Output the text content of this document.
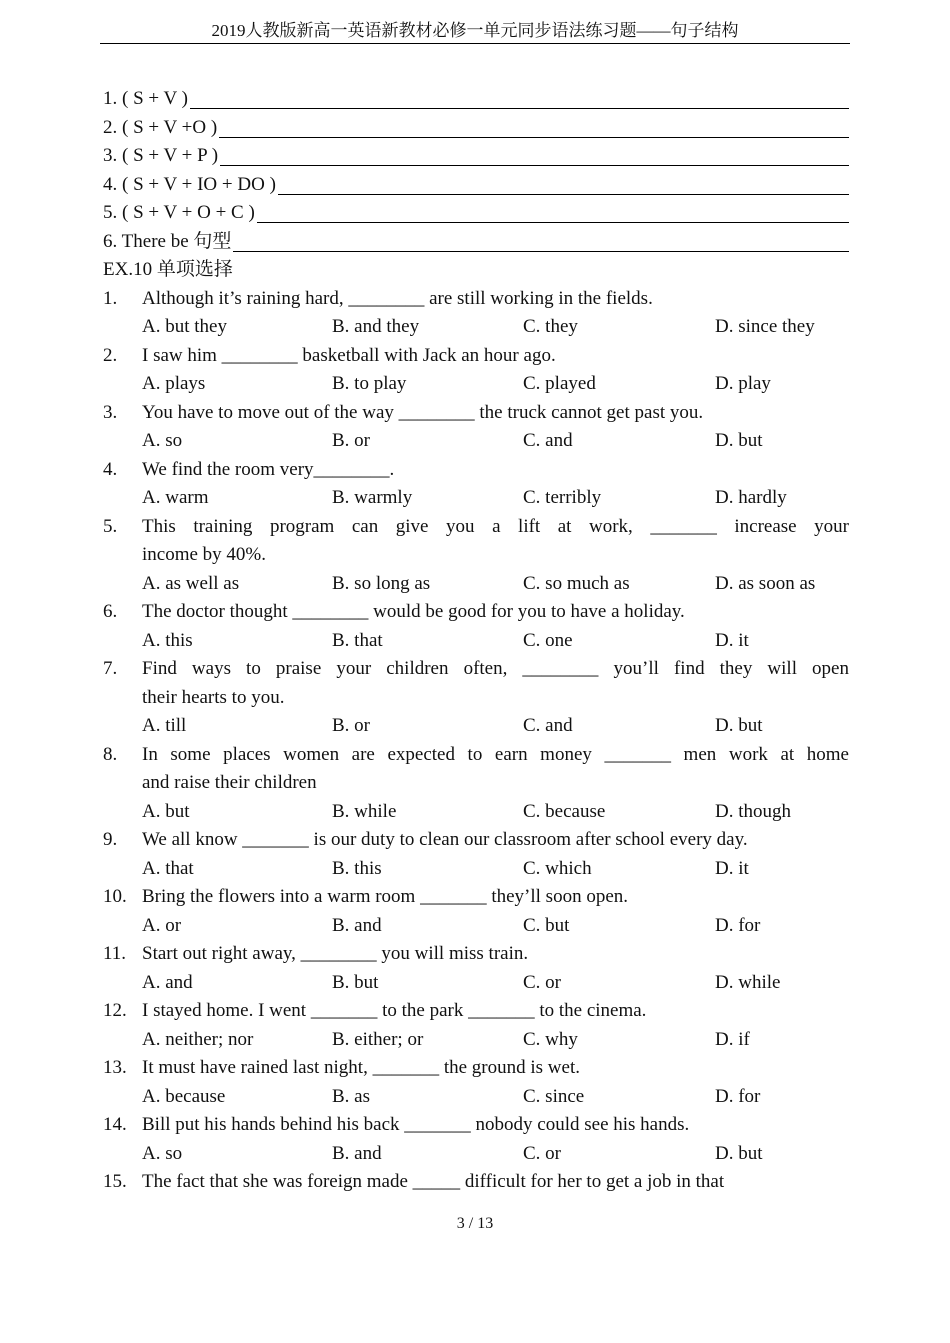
2019人教版新高一英语新教材必修一单元同步语法练习题——句子结构
1. ( S + V )
2. ( S + V +O )
3. ( S + V + P )
4. ( S + V + IO + DO )
5. ( S + V + O + C )
6. There be 句型
EX.10 单项选择
1.	Although it’s raining hard, ________ are still working in the fields.
A. but they	B. and they	C. they	D. since they
2.	I saw him ________ basketball with Jack an hour ago.
A. plays	B. to play	C. played	D. play
3.	You have to move out of the way ________ the truck cannot get past you.
A. so	B. or	C. and	D. but
4.	We find the room very________.
A. warm	B. warmly	C. terribly	D. hardly
5.	This training program can give you a lift at work, _______ increase your
income by 40%.
A. as well as	B. so long as	C. so much as	D. as soon as
6.	The doctor thought ________ would be good for you to have a holiday.
A. this	B. that	C. one	D. it
7.	Find ways to praise your children often, ________ you’ll find they will open
their hearts to you.
A. till	B. or	C. and	D. but
8.	In some places women are expected to earn money _______ men work at home
and raise their children
A. but	B. while	C. because	D. though
9.	We all know _______ is our duty to clean our classroom after school every day.
A. that	B. this	C. which	D. it
10. Bring the flowers into a warm room _______ they’ll soon open.
A. or	B. and	C. but	D. for
11. Start out right away, ________ you will miss train.
A. and	B. but	C. or	D. while
12. I stayed home. I went _______ to the park _______ to the cinema.
A. neither; nor	B. either; or	C. why	D. if
13. It must have rained last night, _______ the ground is wet.
A. because	B. as	C. since	D. for
14. Bill put his hands behind his back _______ nobody could see his hands.
A. so	B. and	C. or	D. but
15. The fact that she was foreign made _____ difficult for her to get a job in that
3 / 13
